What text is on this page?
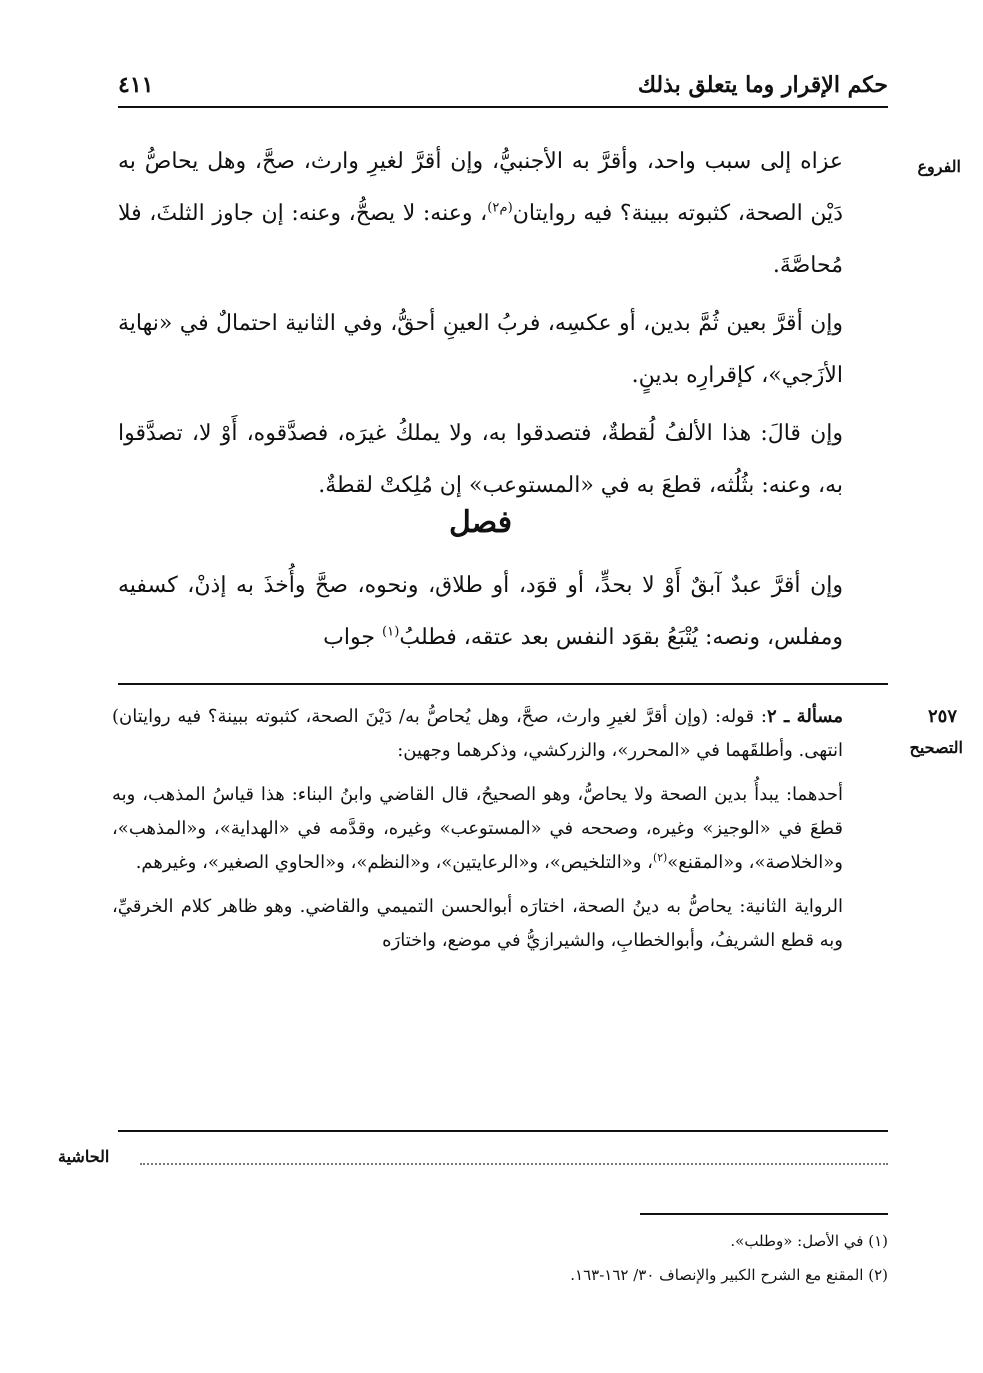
حكم الإقرار وما يتعلق بذلك
٤١١
الفروع
٢٥٧
التصحيح
الحاشية

عزاه إلى سبب واحد، وأقرَّ به الأجنبيُّ، وإن أقرَّ لغيرِ وارث، صحَّ، وهل يحاصُّ به دَيْن الصحة، كثبوته ببينة؟ فيه روايتان$^{(م٢)}$، وعنه: لا يصحُّ، وعنه: إن جاوز الثلثَ، فلا مُحاصَّةَ.

وإن أقرَّ بعين ثُمَّ بدين، أو عكسِه، فربُ العينِ أحقُّ، وفي الثانية احتمالٌ في «نهاية الأزَجي»، كإقرارِه بدينٍ.

وإن قالَ: هذا الألفُ لُقطةٌ، فتصدقوا به، ولا يملكُ غيرَه، فصدَّقوه، أَوْ لا، تصدَّقوا به، وعنه: بثُلُثه، قطعَ به في «المستوعب» إن مُلِكتْ لقطةٌ.

فصل

وإن أقرَّ عبدٌ آبقٌ أَوْ لا بحدٍّ، أو قوَد، أو طلاق، ونحوه، صحَّ وأُخذَ به إذنْ، كسفيه ومفلس، ونصه: يُتْبَعُ بقوَد النفس بعد عتقه، فطلبُ$^{(١)}$ جواب

مسألة ـ ٢: قوله: (وإن أقرَّ لغيرِ وارث، صحَّ، وهل يُحاصُّ به/ دَيْنَ الصحة، كثبوته ببينة؟ فيه روايتان) انتهى. وأطلقَهما في «المحرر»، والزركشي، وذكرهما وجهين:

أحدهما: يبدأُ بدين الصحة ولا يحاصُّ، وهو الصحيحُ، قال القاضي وابنُ البناء: هذا قياسُ المذهب، وبه قطعَ في «الوجيز» وغيره، وصححه في «المستوعب» وغيره، وقدَّمه في «الهداية»، و«المذهب»، و«الخلاصة»، و«المقنع»$^{(٢)}$، و«التلخيص»، و«الرعايتين»، و«النظم»، و«الحاوي الصغير»، وغيرهم.

الرواية الثانية: يحاصُّ به دينُ الصحة، اختارَه أبوالحسن التميمي والقاضي. وهو ظاهر كلام الخرقيِّ، وبه قطع الشريفُ، وأبوالخطابِ، والشيرازيُّ في موضع، واختارَه

(١) في الأصل: «وطلب».
(٢) المقنع مع الشرح الكبير والإنصاف ٣٠/ ١٦٢-١٦٣.
